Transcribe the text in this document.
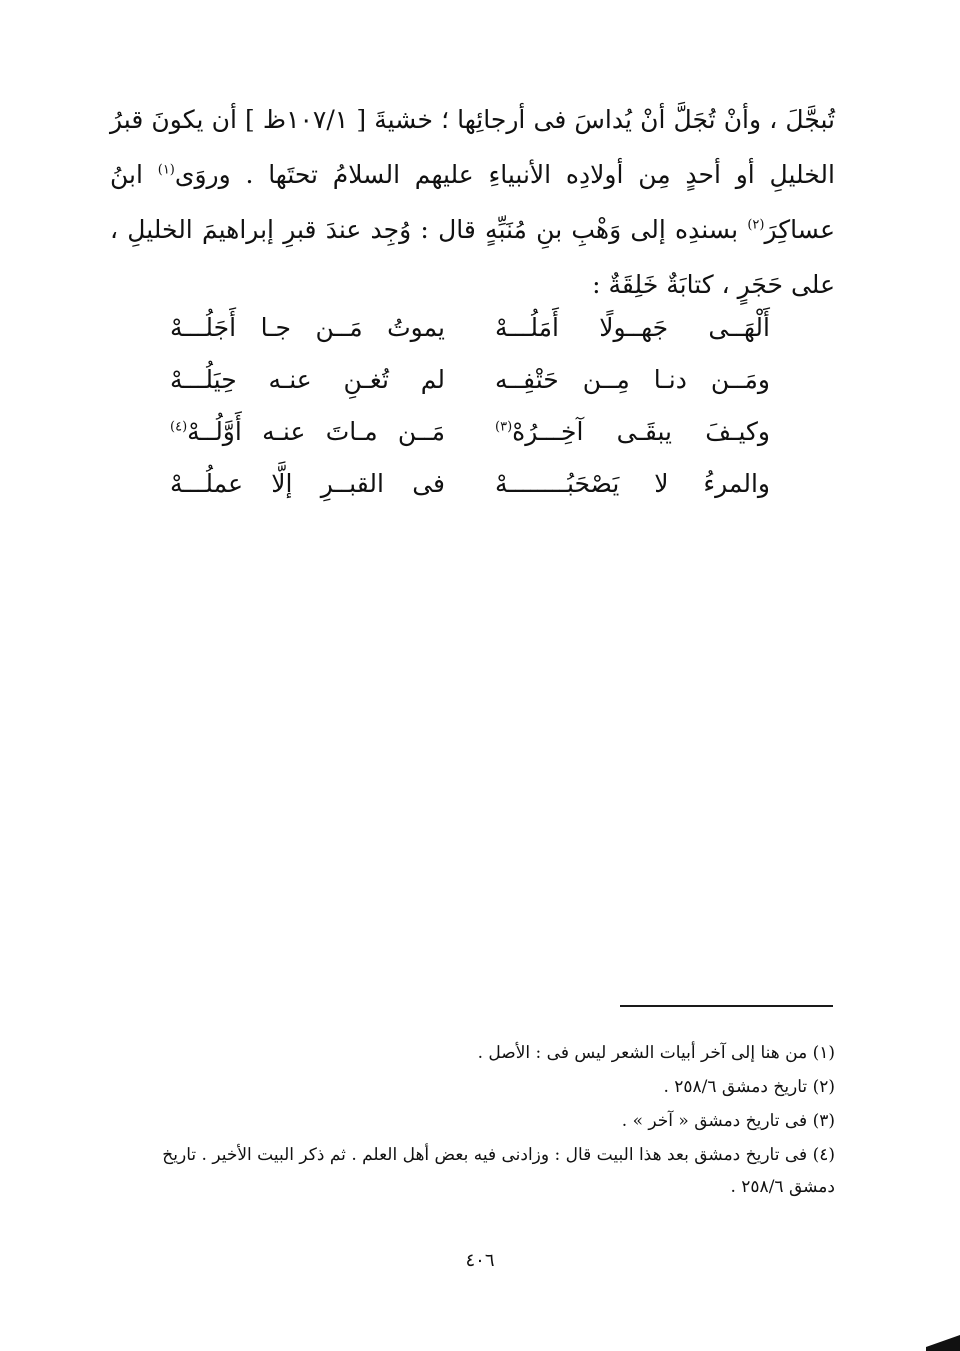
تُبجَّلَ ، وأنْ تُجَلَّ أنْ يُداسَ فى أرجائِها ؛ خشيةَ [ ١٠٧/١ظ ] أن يكونَ قبرُ
الخليلِ أو أحدٍ مِن أولادِه الأنبياءِ عليهم السلامُ تحتَها . وروَى$^{(١)}$ ابنُ
عساكِرَ$^{(٢)}$ بسندِه إلى وَهْبِ بنِ مُنَبِّهٍ قال : وُجِد عندَ قبرِ إبراهيمَ الخليلِ ،
على حَجَرٍ ، كتابَةٌ خَلِقَةٌ :
أَلْهَــى جَهــولًا أَمَلُـــهْ
يموتُ مَــن جـا أَجَلُـــهْ
ومَــن دنـا مِــن حَتْفِــه
لم تُغـنِ عنـه حِيَلُـــهْ
وكيـفَ يبقَـى آخِـــرُهْ$^{(٣)}$
مَــن مـاتَ عنـه أَوَّلُــهْ$^{(٤)}$
والمرءُ لا يَصْحَبُــــــــهْ
فى القبــرِ إلَّا عملُـــهْ
(١) من هنا إلى آخر أبيات الشعر ليس فى : الأصل .
(٢) تاريخ دمشق ٢٥٨/٦ .
(٣) فى تاريخ دمشق « آخر » .
(٤) فى تاريخ دمشق بعد هذا البيت قال : وزادنى فيه بعض أهل العلم . ثم ذكر البيت الأخير . تاريخ
دمشق ٢٥٨/٦ .
٤٠٦
